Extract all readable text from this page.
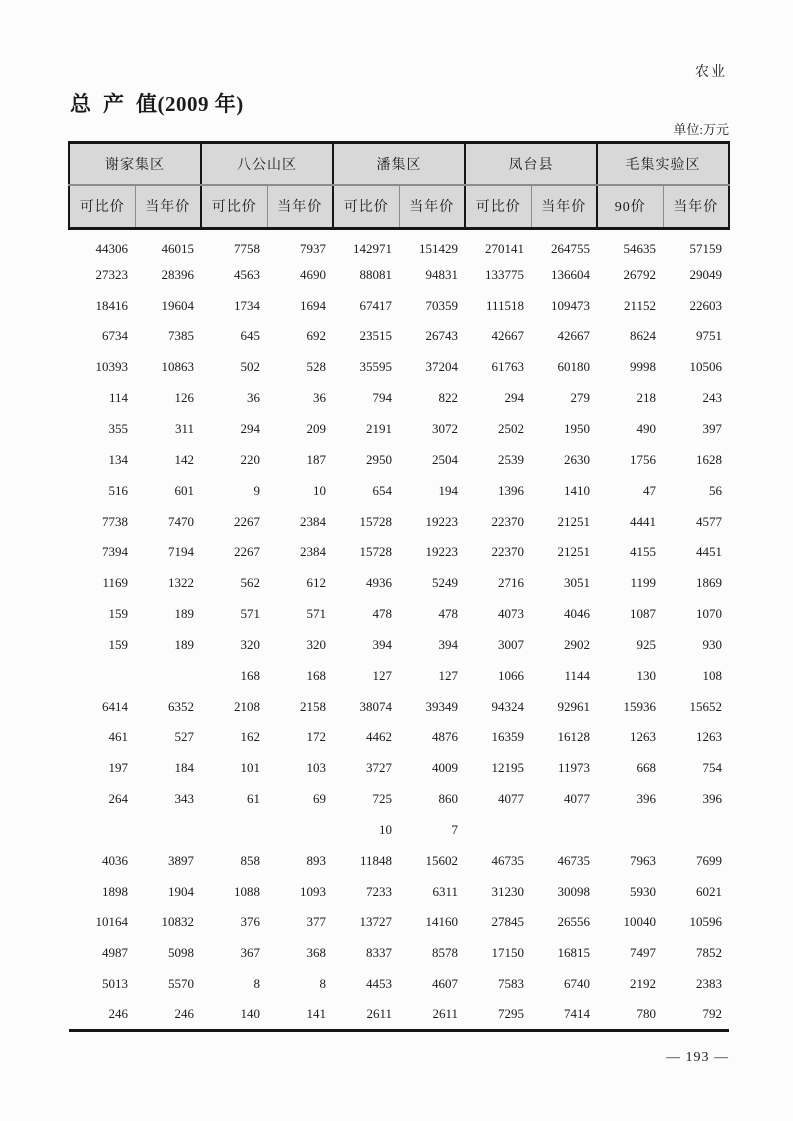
农业
总  产  值(2009 年)
单位:万元
谢家集区		八公山区		潘集区		凤台县		毛集实验区	
可比价	当年价	可比价	当年价	可比价	当年价	可比价	当年价	90价	当年价
44306	46015	7758	7937	142971	151429	270141	264755	54635	57159
27323	28396	4563	4690	88081	94831	133775	136604	26792	29049
18416	19604	1734	1694	67417	70359	111518	109473	21152	22603
6734	7385	645	692	23515	26743	42667	42667	8624	9751
10393	10863	502	528	35595	37204	61763	60180	9998	10506
114	126	36	36	794	822	294	279	218	243
355	311	294	209	2191	3072	2502	1950	490	397
134	142	220	187	2950	2504	2539	2630	1756	1628
516	601	9	10	654	194	1396	1410	47	56
7738	7470	2267	2384	15728	19223	22370	21251	4441	4577
7394	7194	2267	2384	15728	19223	22370	21251	4155	4451
1169	1322	562	612	4936	5249	2716	3051	1199	1869
159	189	571	571	478	478	4073	4046	1087	1070
159	189	320	320	394	394	3007	2902	925	930
		168	168	127	127	1066	1144	130	108
6414	6352	2108	2158	38074	39349	94324	92961	15936	15652
461	527	162	172	4462	4876	16359	16128	1263	1263
197	184	101	103	3727	4009	12195	11973	668	754
264	343	61	69	725	860	4077	4077	396	396
				10	7				
4036	3897	858	893	11848	15602	46735	46735	7963	7699
1898	1904	1088	1093	7233	6311	31230	30098	5930	6021
10164	10832	376	377	13727	14160	27845	26556	10040	10596
4987	5098	367	368	8337	8578	17150	16815	7497	7852
5013	5570	8	8	4453	4607	7583	6740	2192	2383
246	246	140	141	2611	2611	7295	7414	780	792
— 193 —
